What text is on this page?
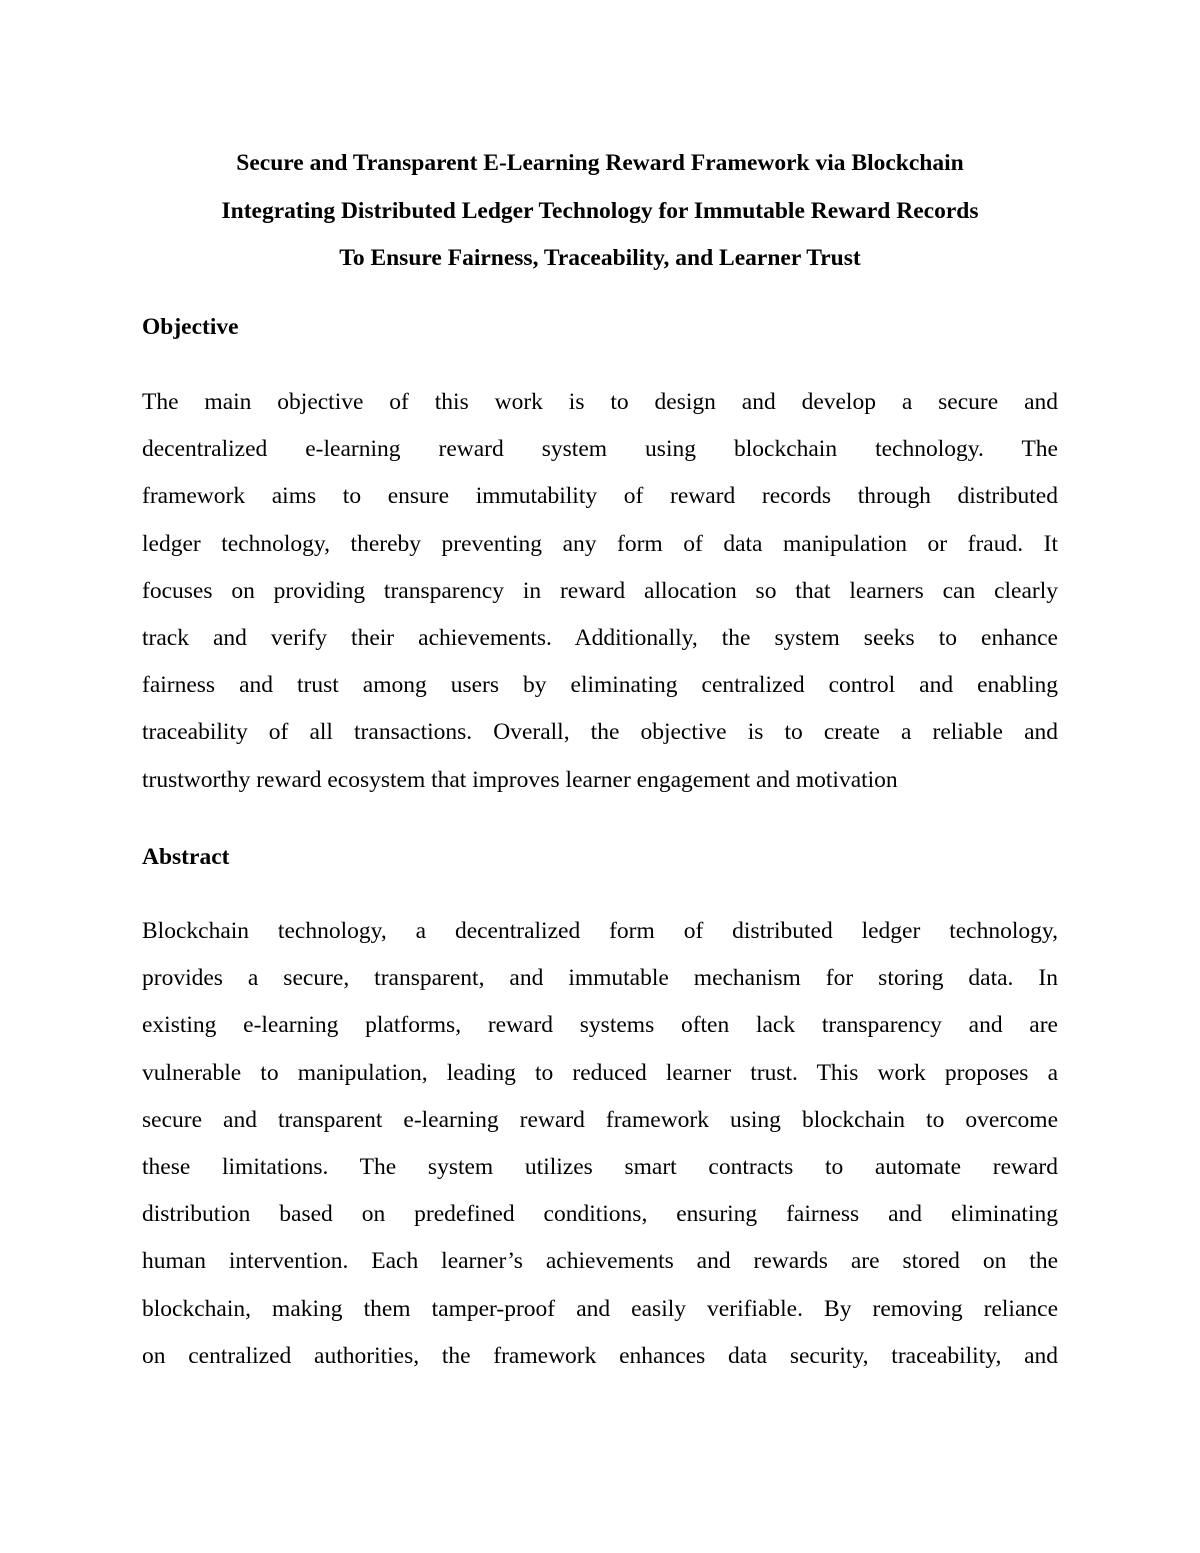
Secure and Transparent E-Learning Reward Framework via Blockchain
Integrating Distributed Ledger Technology for Immutable Reward Records
To Ensure Fairness, Traceability, and Learner Trust
Objective
The main objective of this work is to design and develop a secure and
decentralized e-learning reward system using blockchain technology. The
framework aims to ensure immutability of reward records through distributed
ledger technology, thereby preventing any form of data manipulation or fraud. It
focuses on providing transparency in reward allocation so that learners can clearly
track and verify their achievements. Additionally, the system seeks to enhance
fairness and trust among users by eliminating centralized control and enabling
traceability of all transactions. Overall, the objective is to create a reliable and
trustworthy reward ecosystem that improves learner engagement and motivation
Abstract
Blockchain technology, a decentralized form of distributed ledger technology,
provides a secure, transparent, and immutable mechanism for storing data. In
existing e-learning platforms, reward systems often lack transparency and are
vulnerable to manipulation, leading to reduced learner trust. This work proposes a
secure and transparent e-learning reward framework using blockchain to overcome
these limitations. The system utilizes smart contracts to automate reward
distribution based on predefined conditions, ensuring fairness and eliminating
human intervention. Each learner’s achievements and rewards are stored on the
blockchain, making them tamper-proof and easily verifiable. By removing reliance
on centralized authorities, the framework enhances data security, traceability, and
